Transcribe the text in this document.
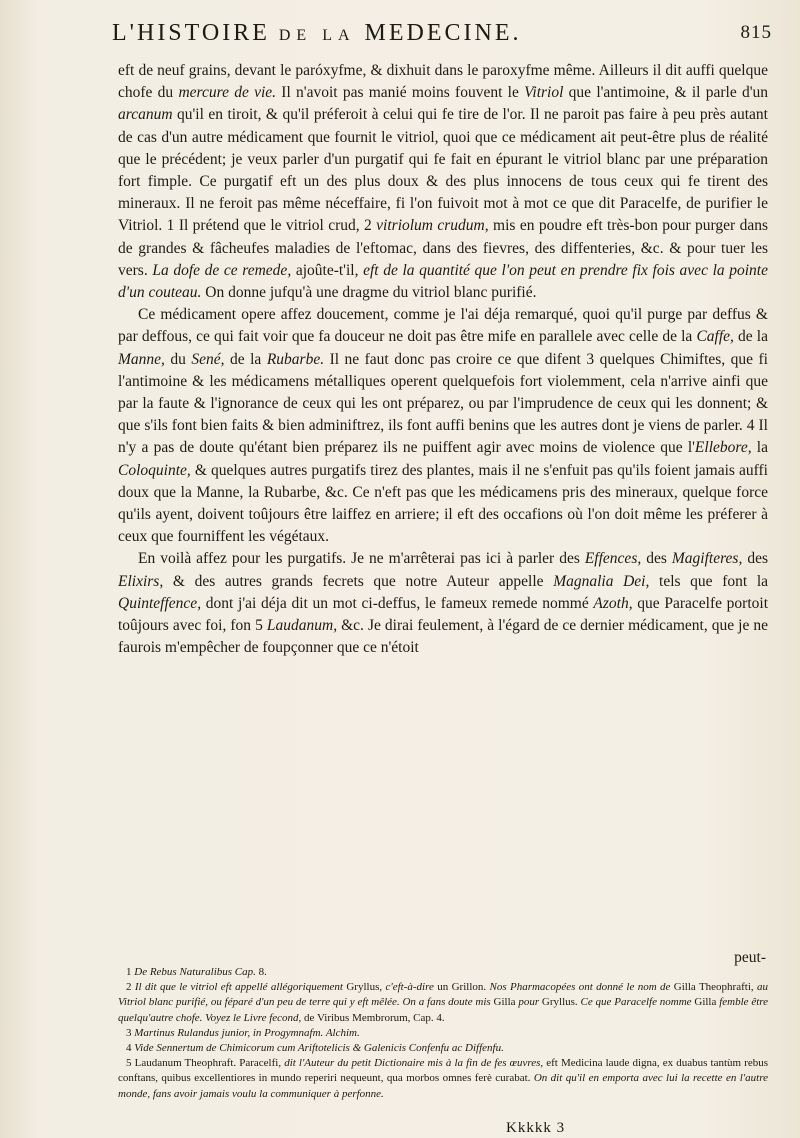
L'HISTOIRE DE LA MEDECINE.	815

eft de neuf grains, devant le paróxyfme, & dixhuit dans le paroxyfme même. Ailleurs il dit auffi quelque chofe du mercure de vie. Il n'avoit pas manié moins fouvent le Vitriol que l'antimoine, & il parle d'un arcanum qu'il en tiroit, & qu'il préferoit à celui qui fe tire de l'or. Il ne paroit pas faire à peu près autant de cas d'un autre médicament que fournit le vitriol, quoi que ce médicament ait peut-être plus de réalité que le précédent; je veux parler d'un purgatif qui fe fait en épurant le vitriol blanc par une préparation fort fimple. Ce purgatif eft un des plus doux & des plus innocens de tous ceux qui fe tirent des mineraux. Il ne feroit pas même néceffaire, fi l'on fuivoit mot à mot ce que dit Paracelfe, de purifier le Vitriol. 1 Il prétend que le vitriol crud, 2 vitriolum crudum, mis en poudre eft très-bon pour purger dans de grandes & fâcheufes maladies de l'eftomac, dans des fievres, des diffenteries, &c. & pour tuer les vers. La dofe de ce remede, ajoûte-t'il, eft de la quantité que l'on peut en prendre fix fois avec la pointe d'un couteau. On donne jufqu'à une dragme du vitriol blanc purifié.

Ce médicament opere affez doucement, comme je l'ai déja remarqué, quoi qu'il purge par deffus & par deffous, ce qui fait voir que fa douceur ne doit pas être mife en parallele avec celle de la Caffe, de la Manne, du Sené, de la Rubarbe. Il ne faut donc pas croire ce que difent 3 quelques Chimiftes, que fi l'antimoine & les médicamens métalliques operent quelquefois fort violemment, cela n'arrive ainfi que par la faute & l'ignorance de ceux qui les ont préparez, ou par l'imprudence de ceux qui les donnent; & que s'ils font bien faits & bien adminiftrez, ils font auffi benins que les autres dont je viens de parler. 4 Il n'y a pas de doute qu'étant bien préparez ils ne puiffent agir avec moins de violence que l'Ellebore, la Coloquinte, & quelques autres purgatifs tirez des plantes, mais il ne s'enfuit pas qu'ils foient jamais auffi doux que la Manne, la Rubarbe, &c. Ce n'eft pas que les médicamens pris des mineraux, quelque force qu'ils ayent, doivent toûjours être laiffez en arriere; il eft des occafions où l'on doit même les préferer à ceux que fourniffent les végétaux.

En voilà affez pour les purgatifs. Je ne m'arrêterai pas ici à parler des Effences, des Magifteres, des Elixirs, & des autres grands fecrets que notre Auteur appelle Magnalia Dei, tels que font la Quinteffence, dont j'ai déja dit un mot ci-deffus, le fameux remede nommé Azoth, que Paracelfe portoit toûjours avec foi, fon 5 Laudanum, &c. Je dirai feulement, à l'égard de ce dernier médicament, que je ne faurois m'empêcher de foupçonner que ce n'étoit

peut-

1 De Rebus Naturalibus Cap. 8.

2 Il dit que le vitriol eft appellé allégoriquement Gryllus, c'eft-à-dire un Grillon. Nos Pharmacopées ont donné le nom de Gilla Theophrafti, au Vitriol blanc purifié, ou féparé d'un peu de terre qui y eft mêlée. On a fans doute mis Gilla pour Gryllus. Ce que Paracelfe nomme Gilla femble être quelqu'autre chofe. Voyez le Livre fecond, de Viribus Membrorum, Cap. 4.

3 Martinus Rulandus junior, in Progymnafm. Alchim.

4 Vide Sennertum de Chimicorum cum Ariftotelicis & Galenicis Confenfu ac Diffenfu.

5 Laudanum Theophraft. Paracelfi, dit l'Auteur du petit Dictionaire mis à la fin de fes œuvres, eft Medicina laude digna, ex duabus tantùm rebus conftans, quibus excellentiores in mundo reperiri nequeunt, qua morbos omnes ferè curabat. On dit qu'il en emporta avec lui la recette en l'autre monde, fans avoir jamais voulu la communiquer à perfonne.

Kkkkk 3
